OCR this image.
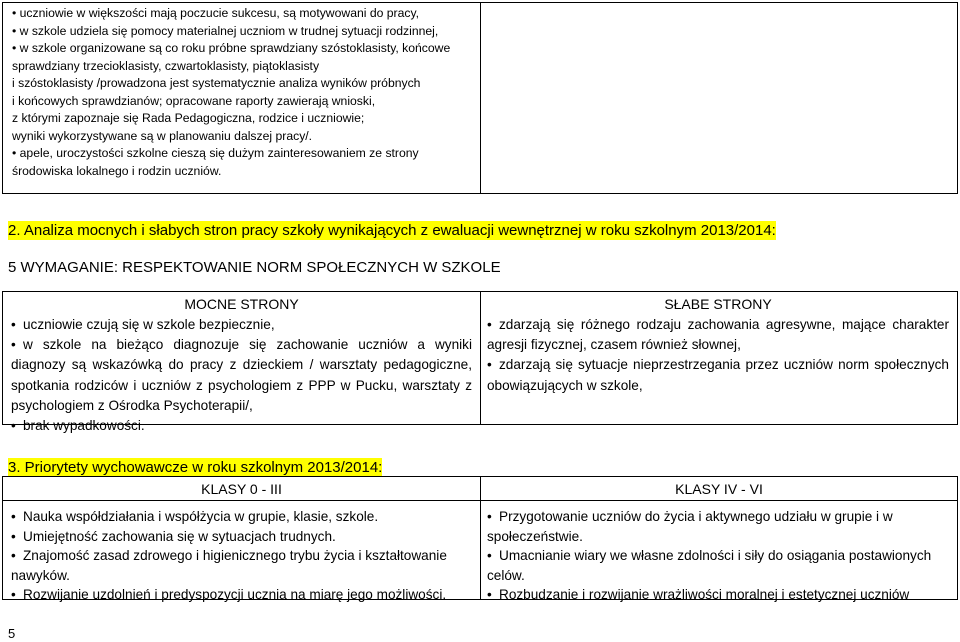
• uczniowie w większości mają poczucie sukcesu, są motywowani do pracy,
• w szkole udziela się pomocy materialnej uczniom w trudnej sytuacji rodzinnej,
• w szkole organizowane są co roku próbne sprawdziany szóstoklasisty, końcowe
sprawdziany trzecioklasisty, czwartoklasisty, piątoklasisty
i szóstoklasisty /prowadzona jest systematycznie analiza wyników próbnych
i końcowych sprawdzianów; opracowane raporty zawierają wnioski,
z którymi zapoznaje się Rada Pedagogiczna, rodzice i uczniowie;
wyniki wykorzystywane są w planowaniu dalszej pracy/.
• apele, uroczystości szkolne cieszą się dużym zainteresowaniem ze strony
środowiska lokalnego i rodzin uczniów.
2. Analiza mocnych i słabych stron pracy szkoły wynikających z ewaluacji wewnętrznej w roku szkolnym 2013/2014:
5 WYMAGANIE: RESPEKTOWANIE NORM SPOŁECZNYCH W SZKOLE
MOCNE STRONY
• uczniowie czują się w szkole bezpiecznie,
• w szkole na bieżąco diagnozuje się zachowanie uczniów a wyniki diagnozy są wskazówką do pracy z dzieckiem / warsztaty pedagogiczne, spotkania rodziców i uczniów z psychologiem z PPP w Pucku, warsztaty z psychologiem z Ośrodka Psychoterapii/,
• brak wypadkowości.
SŁABE STRONY
• zdarzają się różnego rodzaju zachowania agresywne, mające charakter agresji fizycznej, czasem również słownej,
• zdarzają się sytuacje nieprzestrzegania przez uczniów norm społecznych obowiązujących w szkole,
3. Priorytety wychowawcze w roku szkolnym 2013/2014:
KLASY 0 - III
• Nauka współdziałania i współżycia w grupie, klasie, szkole.
• Umiejętność zachowania się w sytuacjach trudnych.
• Znajomość zasad zdrowego i higienicznego trybu życia i kształtowanie nawyków.
• Rozwijanie uzdolnień i predyspozycji ucznia na miarę jego możliwości.
KLASY IV - VI
• Przygotowanie uczniów do życia i aktywnego udziału w grupie i w społeczeństwie.
• Umacnianie wiary we własne zdolności i siły do osiągania postawionych celów.
• Rozbudzanie i rozwijanie wrażliwości moralnej i estetycznej uczniów
5
